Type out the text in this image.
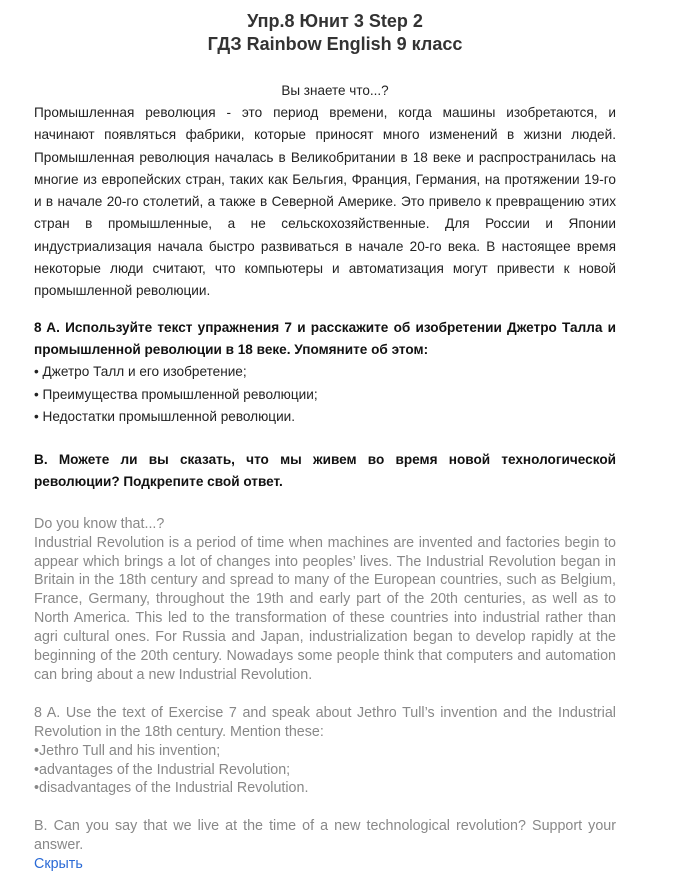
Упр.8 Юнит 3 Step 2
ГДЗ Rainbow English 9 класс
Вы знаете что...?
Промышленная революция - это период времени, когда машины изобретаются, и начинают появляться фабрики, которые приносят много изменений в жизни людей. Промышленная революция началась в Великобритании в 18 веке и распространилась на многие из европейских стран, таких как Бельгия, Франция, Германия, на протяжении 19-го и в начале 20-го столетий, а также в Северной Америке. Это привело к превращению этих стран в промышленные, а не сельскохозяйственные. Для России и Японии индустриализация начала быстро развиваться в начале 20-го века. В настоящее время некоторые люди считают, что компьютеры и автоматизация могут привести к новой промышленной революции.
8 A. Используйте текст упражнения 7 и расскажите об изобретении Джетро Талла и промышленной революции в 18 веке. Упомяните об этом:
• Джетро Талл и его изобретение;
• Преимущества промышленной революции;
• Недостатки промышленной революции.
B. Можете ли вы сказать, что мы живем во время новой технологической революции? Подкрепите свой ответ.
Do you know that...?
Industrial Revolution is a period of time when machines are invented and factories begin to appear which brings a lot of changes into peoples’ lives. The Industrial Revolution began in Britain in the 18th century and spread to many of the European countries, such as Belgium, France, Germany, throughout the 19th and early part of the 20th centuries, as well as to North America. This led to the transformation of these countries into industrial rather than agri cultural ones. For Russia and Japan, industrialization began to develop rapidly at the beginning of the 20th century. Nowadays some people think that computers and automation can bring about a new Industrial Revolution.
8 A. Use the text of Exercise 7 and speak about Jethro Tull’s invention and the Industrial Revolution in the 18th century. Mention these:
•Jethro Tull and his invention;
•advantages of the Industrial Revolution;
•disadvantages of the Industrial Revolution.
B. Can you say that we live at the time of a new technological revolution? Support your answer.
Скрыть
